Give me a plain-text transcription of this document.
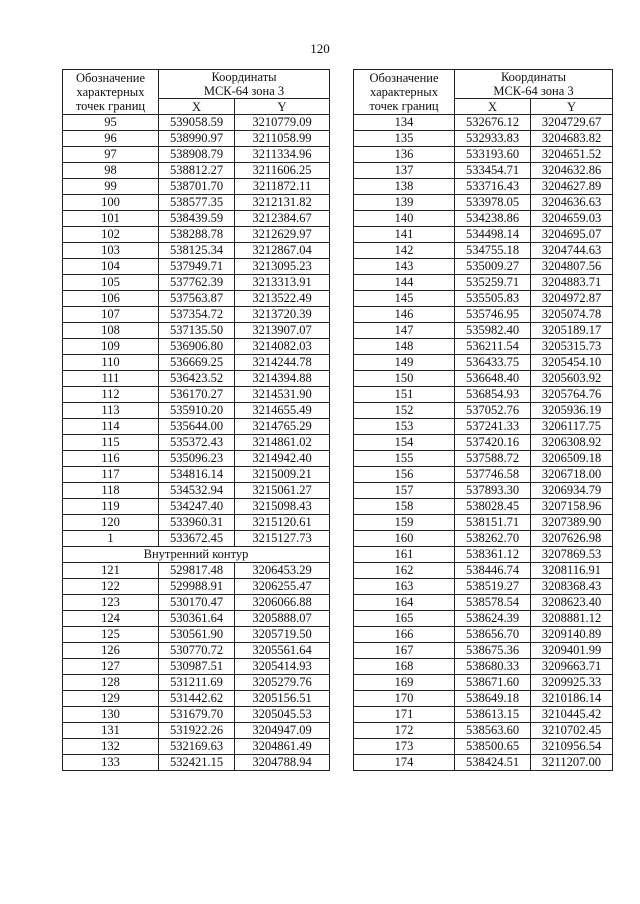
120
Обозначение
характерных
точек границ	Координаты
МСК-64 зона 3	

	X	Y
95	539058.59	3210779.09
96	538990.97	3211058.99
97	538908.79	3211334.96
98	538812.27	3211606.25
99	538701.70	3211872.11
100	538577.35	3212131.82
101	538439.59	3212384.67
102	538288.78	3212629.97
103	538125.34	3212867.04
104	537949.71	3213095.23
105	537762.39	3213313.91
106	537563.87	3213522.49
107	537354.72	3213720.39
108	537135.50	3213907.07
109	536906.80	3214082.03
110	536669.25	3214244.78
111	536423.52	3214394.88
112	536170.27	3214531.90
113	535910.20	3214655.49
114	535644.00	3214765.29
115	535372.43	3214861.02
116	535096.23	3214942.40
117	534816.14	3215009.21
118	534532.94	3215061.27
119	534247.40	3215098.43
120	533960.31	3215120.61
1	533672.45	3215127.73
Внутренний контур		
121	529817.48	3206453.29
122	529988.91	3206255.47
123	530170.47	3206066.88
124	530361.64	3205888.07
125	530561.90	3205719.50
126	530770.72	3205561.64
127	530987.51	3205414.93
128	531211.69	3205279.76
129	531442.62	3205156.51
130	531679.70	3205045.53
131	531922.26	3204947.09
132	532169.63	3204861.49
133	532421.15	3204788.94
Обозначение
характерных
точек границ	Координаты
МСК-64 зона 3	

	X	Y
134	532676.12	3204729.67
135	532933.83	3204683.82
136	533193.60	3204651.52
137	533454.71	3204632.86
138	533716.43	3204627.89
139	533978.05	3204636.63
140	534238.86	3204659.03
141	534498.14	3204695.07
142	534755.18	3204744.63
143	535009.27	3204807.56
144	535259.71	3204883.71
145	535505.83	3204972.87
146	535746.95	3205074.78
147	535982.40	3205189.17
148	536211.54	3205315.73
149	536433.75	3205454.10
150	536648.40	3205603.92
151	536854.93	3205764.76
152	537052.76	3205936.19
153	537241.33	3206117.75
154	537420.16	3206308.92
155	537588.72	3206509.18
156	537746.58	3206718.00
157	537893.30	3206934.79
158	538028.45	3207158.96
159	538151.71	3207389.90
160	538262.70	3207626.98
161	538361.12	3207869.53
162	538446.74	3208116.91
163	538519.27	3208368.43
164	538578.54	3208623.40
165	538624.39	3208881.12
166	538656.70	3209140.89
167	538675.36	3209401.99
168	538680.33	3209663.71
169	538671.60	3209925.33
170	538649.18	3210186.14
171	538613.15	3210445.42
172	538563.60	3210702.45
173	538500.65	3210956.54
174	538424.51	3211207.00
